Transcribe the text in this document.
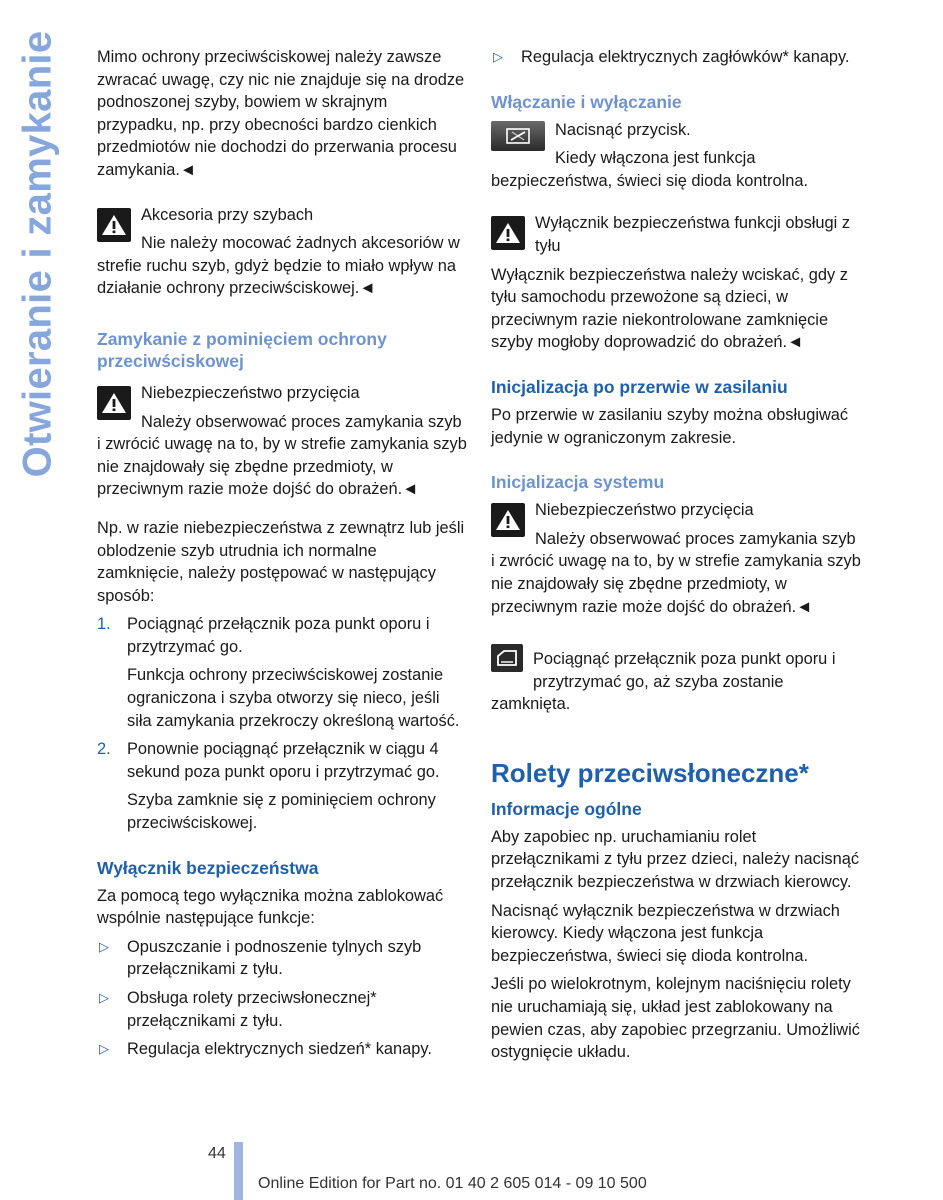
Otwieranie i zamykanie Mimo ochrony przeciwściskowej należy zawsze zwracać uwagę, czy nic nie znajduje się na drodze podnoszonej szyby, bowiem w skrajnym przypadku, np. przy obecności bardzo cienkich przedmiotów nie dochodzi do przerwania procesu zamykania.◄

Akcesoria przy szybach

Nie należy mocować żadnych akcesoriów w strefie ruchu szyb, gdyż będzie to miało wpływ na działanie ochrony przeciwściskowej.◄

Zamykanie z pominięciem ochrony przeciwściskowej

Niebezpieczeństwo przycięcia

Należy obserwować proces zamykania szyb i zwrócić uwagę na to, by w strefie zamykania szyb nie znajdowały się zbędne przedmioty, w przeciwnym razie może dojść do obrażeń.◄

Np. w razie niebezpieczeństwa z zewnątrz lub jeśli oblodzenie szyb utrudnia ich normalne zamknięcie, należy postępować w następujący sposób:

1. Pociągnąć przełącznik poza punkt oporu i przytrzymać go.

Funkcja ochrony przeciwściskowej zostanie ograniczona i szyba otworzy się nieco, jeśli siła zamykania przekroczy określoną wartość.

2. Ponownie pociągnąć przełącznik w ciągu 4 sekund poza punkt oporu i przytrzymać go.

Szyba zamknie się z pominięciem ochrony przeciwściskowej.

Wyłącznik bezpieczeństwa

Za pomocą tego wyłącznika można zablokować wspólnie następujące funkcje:

▷ Opuszczanie i podnoszenie tylnych szyb przełącznikami z tyłu.
▷ Obsługa rolety przeciwsłonecznej* przełącznikami z tyłu.
▷ Regulacja elektrycznych siedzeń* kanapy.
▷ Regulacja elektrycznych zagłówków* kanapy.
Włączanie i wyłączanie

Nacisnąć przycisk.

Kiedy włączona jest funkcja bezpieczeństwa, świeci się dioda kontrolna.

Wyłącznik bezpieczeństwa funkcji obsługi z tyłu

Wyłącznik bezpieczeństwa należy wciskać, gdy z tyłu samochodu przewożone są dzieci, w przeciwnym razie niekontrolowane zamknięcie szyby mogłoby doprowadzić do obrażeń.◄

Inicjalizacja po przerwie w zasilaniu

Po przerwie w zasilaniu szyby można obsługiwać jedynie w ograniczonym zakresie.

Inicjalizacja systemu

Niebezpieczeństwo przycięcia

Należy obserwować proces zamykania szyb i zwrócić uwagę na to, by w strefie zamykania szyb nie znajdowały się zbędne przedmioty, w przeciwnym razie może dojść do obrażeń.◄

Pociągnąć przełącznik poza punkt oporu i przytrzymać go, aż szyba zostanie zamknięta.

Rolety przeciwsłoneczne*
Informacje ogólne

Aby zapobiec np. uruchamianiu rolet przełącznikami z tyłu przez dzieci, należy nacisnąć przełącznik bezpieczeństwa w drzwiach kierowcy.

Nacisnąć wyłącznik bezpieczeństwa w drzwiach kierowcy. Kiedy włączona jest funkcja bezpieczeństwa, świeci się dioda kontrolna.

Jeśli po wielokrotnym, kolejnym naciśnięciu rolety nie uruchamiają się, układ jest zablokowany na pewien czas, aby zapobiec przegrzaniu. Umożliwić ostygnięcie układu.

44
Online Edition for Part no. 01 40 2 605 014 - 09 10 500
